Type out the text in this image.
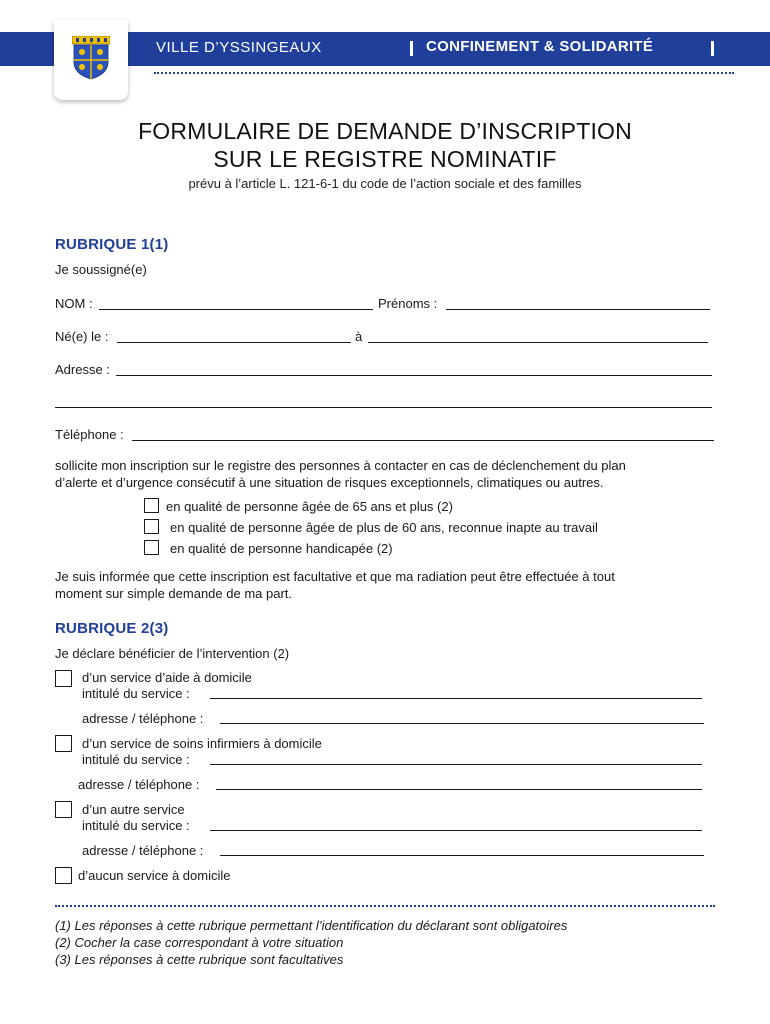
VILLE D’YSSINGEAUX	CONFINEMENT & SOLIDARITÉ
FORMULAIRE DE DEMANDE D’INSCRIPTION
SUR LE REGISTRE NOMINATIF
prévu à l’article L. 121-6-1 du code de l’action sociale et des familles
RUBRIQUE 1(1)
Je soussigné(e)
NOM :	Prénoms :
Né(e) le :	à
Adresse :
Téléphone :
sollicite mon inscription sur le registre des personnes à contacter en cas de déclenchement du plan
d’alerte et d’urgence consécutif à une situation de risques exceptionnels, climatiques ou autres.
en qualité de personne âgée de 65 ans et plus (2)
en qualité de personne âgée de plus de 60 ans, reconnue inapte au travail
en qualité de personne handicapée (2)
Je suis informée que cette inscription est facultative et que ma radiation peut être effectuée à tout
moment sur simple demande de ma part.
RUBRIQUE 2(3)
Je déclare bénéficier de l’intervention (2)
d’un service d’aide à domicile
intitulé du service :
adresse / téléphone :
d’un service de soins infirmiers à domicile
intitulé du service :
adresse / téléphone :
d’un autre service
intitulé du service :
adresse / téléphone :
d’aucun service à domicile
(1) Les réponses à cette rubrique permettant l’identification du déclarant sont obligatoires
(2) Cocher la case correspondant à votre situation
(3) Les réponses à cette rubrique sont facultatives
